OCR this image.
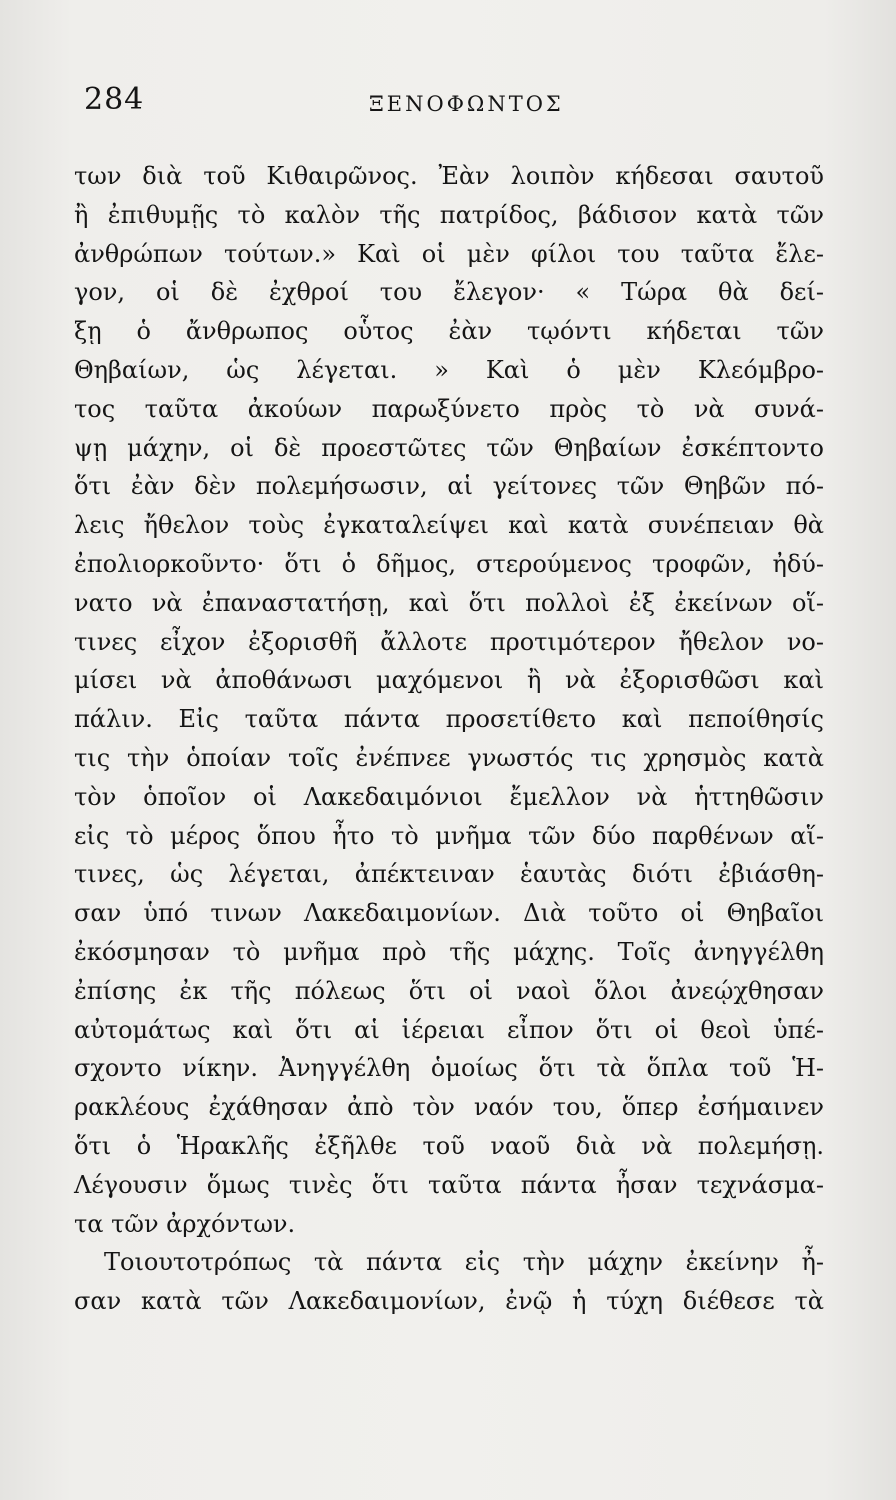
284	ΞΕΝΟΦΩΝΤΟΣ
των διὰ τοῦ Κιθαιρῶνος. Ἐὰν λοιπὸν κήδεσαι σαυτοῦ
ἢ ἐπιθυμῇς τὸ καλὸν τῆς πατρίδος, βάδισον κατὰ τῶν
ἀνθρώπων τούτων.» Καὶ οἱ μὲν φίλοι του ταῦτα ἔλε-
γον, οἱ δὲ ἐχθροί του ἔλεγον· « Τώρα θὰ δεί-
ξῃ ὁ ἄνθρωπος οὗτος ἐὰν τῳόντι κήδεται τῶν
Θηβαίων, ὡς λέγεται. » Καὶ ὁ μὲν Κλεόμβρο-
τος ταῦτα ἀκούων παρωξύνετο πρὸς τὸ νὰ συνά-
ψῃ μάχην, οἱ δὲ προεστῶτες τῶν Θηβαίων ἐσκέπτοντο
ὅτι ἐὰν δὲν πολεμήσωσιν, αἱ γείτονες τῶν Θηβῶν πό-
λεις ἤθελον τοὺς ἐγκαταλείψει καὶ κατὰ συνέπειαν θὰ
ἐπολιορκοῦντο· ὅτι ὁ δῆμος, στερούμενος τροφῶν, ἠδύ-
νατο νὰ ἐπαναστατήσῃ, καὶ ὅτι πολλοὶ ἐξ ἐκείνων οἵ-
τινες εἶχον ἐξορισθῆ ἄλλοτε προτιμότερον ἤθελον νο-
μίσει νὰ ἀποθάνωσι μαχόμενοι ἢ νὰ ἐξορισθῶσι καὶ
πάλιν. Εἰς ταῦτα πάντα προσετίθετο καὶ πεποίθησίς
τις τὴν ὁποίαν τοῖς ἐνέπνεε γνωστός τις χρησμὸς κατὰ
τὸν ὁποῖον οἱ Λακεδαιμόνιοι ἔμελλον νὰ ἡττηθῶσιν
εἰς τὸ μέρος ὅπου ἦτο τὸ μνῆμα τῶν δύο παρθένων αἵ-
τινες, ὡς λέγεται, ἀπέκτειναν ἑαυτὰς διότι ἐβιάσθη-
σαν ὑπό τινων Λακεδαιμονίων. Διὰ τοῦτο οἱ Θηβαῖοι
ἐκόσμησαν τὸ μνῆμα πρὸ τῆς μάχης. Τοῖς ἀνηγγέλθη
ἐπίσης ἐκ τῆς πόλεως ὅτι οἱ ναοὶ ὅλοι ἀνεῴχθησαν
αὐτομάτως καὶ ὅτι αἱ ἱέρειαι εἶπον ὅτι οἱ θεοὶ ὑπέ-
σχοντο νίκην. Ἀνηγγέλθη ὁμοίως ὅτι τὰ ὅπλα τοῦ Ἡ-
ρακλέους ἐχάθησαν ἀπὸ τὸν ναόν του, ὅπερ ἐσήμαινεν
ὅτι ὁ Ἡρακλῆς ἐξῆλθε τοῦ ναοῦ διὰ νὰ πολεμήσῃ.
Λέγουσιν ὅμως τινὲς ὅτι ταῦτα πάντα ἦσαν τεχνάσμα-
τα τῶν ἀρχόντων.
Τοιουτοτρόπως τὰ πάντα εἰς τὴν μάχην ἐκείνην ἦ-
σαν κατὰ τῶν Λακεδαιμονίων, ἐνῷ ἡ τύχη διέθεσε τὰ
